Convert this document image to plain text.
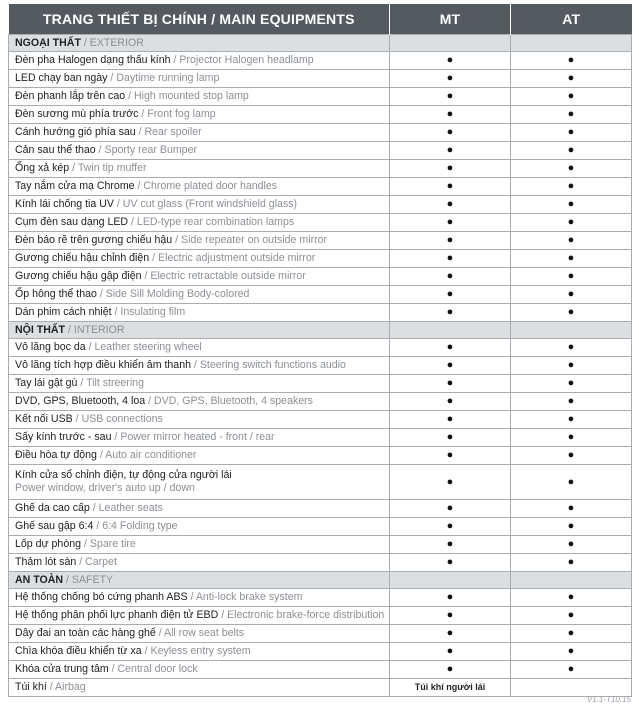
TRANG THIẾT BỊ CHÍNH / MAIN EQUIPMENTS	MT	AT
NGOẠI THẤT / EXTERIOR		
Đèn pha Halogen dạng thấu kính / Projector Halogen headlamp	●	●
LED chạy ban ngày / Daytime running lamp	●	●
Đèn phanh lắp trên cao / High mounted stop lamp	●	●
Đèn sương mù phía trước / Front fog lamp	●	●
Cánh hướng gió phía sau / Rear spoiler	●	●
Cản sau thể thao / Sporty rear Bumper	●	●
Ống xả kép / Twin tip muffer	●	●
Tay nắm cửa mạ Chrome / Chrome plated door handles	●	●
Kính lái chống tia UV / UV cut glass (Front windshield glass)	●	●
Cụm đèn sau dạng LED / LED-type rear combination lamps	●	●
Đèn báo rẽ trên gương chiếu hậu / Side repeater on outside mirror	●	●
Gương chiếu hậu chỉnh điện / Electric adjustment outside mirror	●	●
Gương chiếu hậu gập điện / Electric retractable outside mirror	●	●
Ốp hông thể thao / Side Sill Molding Body-colored	●	●
Dán phim cách nhiệt / Insulating film	●	●
NỘI THẤT / INTERIOR		
Vô lăng bọc da / Leather steering wheel	●	●
Vô lăng tích hợp điều khiển âm thanh / Steering switch functions audio	●	●
Tay lái gật gù / Tilt streering	●	●
DVD, GPS, Bluetooth, 4 loa / DVD, GPS, Bluetooth, 4 speakers	●	●
Kết nối USB / USB connections	●	●
Sấy kính trước - sau / Power mirror heated - front / rear	●	●
Điều hòa tự động / Auto air conditioner	●	●
Kính cửa sổ chỉnh điện, tự động cửa người lái
Power window, driver's auto up / down	●	●
Ghế da cao cấp / Leather seats	●	●
Ghế sau gập 6:4 / 6:4 Folding type	●	●
Lốp dự phòng / Spare tire	●	●
Thảm lót sàn / Carpet	●	●
AN TOÀN / SAFETY		
Hệ thống chống bó cứng phanh ABS / Anti-lock brake system	●	●
Hệ thống phân phối lực phanh điện tử EBD / Electronic brake-force distribution	●	●
Dây đai an toàn các hàng ghế / All row seat belts	●	●
Chìa khóa điều khiển từ xa / Keyless entry system	●	●
Khóa cửa trung tâm / Central door lock	●	●
Túi khí / Airbag	Túi khí người lái	
V1.1-T10.15
